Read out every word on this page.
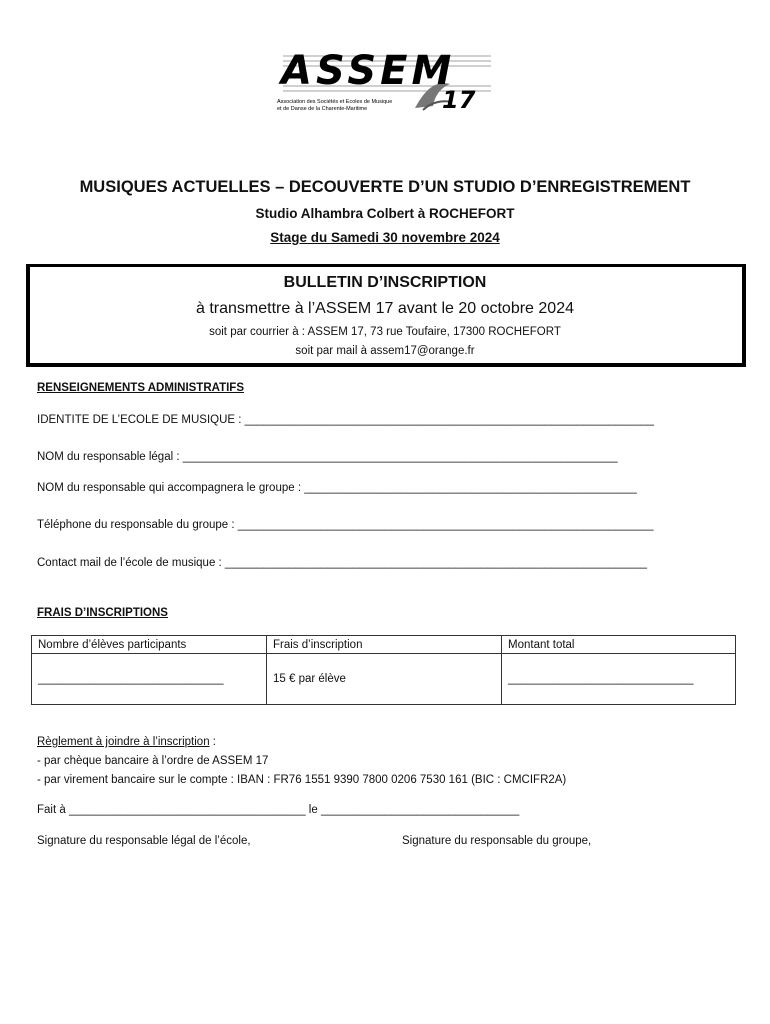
ASSEM
17
Association des Sociétés et Ecoles de Musique
et de Danse de la Charente-Maritime
MUSIQUES ACTUELLES – DECOUVERTE D’UN STUDIO D’ENREGISTREMENT
Studio Alhambra Colbert à ROCHEFORT
Stage du Samedi 30 novembre 2024
BULLETIN D’INSCRIPTION
à transmettre à l’ASSEM 17 avant le 20 octobre 2024
soit par courrier à : ASSEM 17, 73 rue Toufaire, 17300 ROCHEFORT
soit par mail à assem17@orange.fr
RENSEIGNEMENTS ADMINISTRATIFS
IDENTITE DE L’ECOLE DE MUSIQUE : ________________________________________________________________
NOM du responsable légal : ____________________________________________________________________
NOM du responsable qui accompagnera le groupe : ____________________________________________________
Téléphone du responsable du groupe : _________________________________________________________________
Contact mail de l’école de musique : __________________________________________________________________
FRAIS D’INSCRIPTIONS
Nombre d’élèves participants	Frais d’inscription	Montant total
_____________________________	15 € par élève	_____________________________
Règlement à joindre à l’inscription :
- par chèque bancaire à l’ordre de ASSEM 17
- par virement bancaire sur le compte : IBAN : FR76 1551 9390 7800 0206 7530 161 (BIC : CMCIFR2A)
Fait à _____________________________________ le _______________________________
Signature du responsable légal de l’école,	Signature du responsable du groupe,
